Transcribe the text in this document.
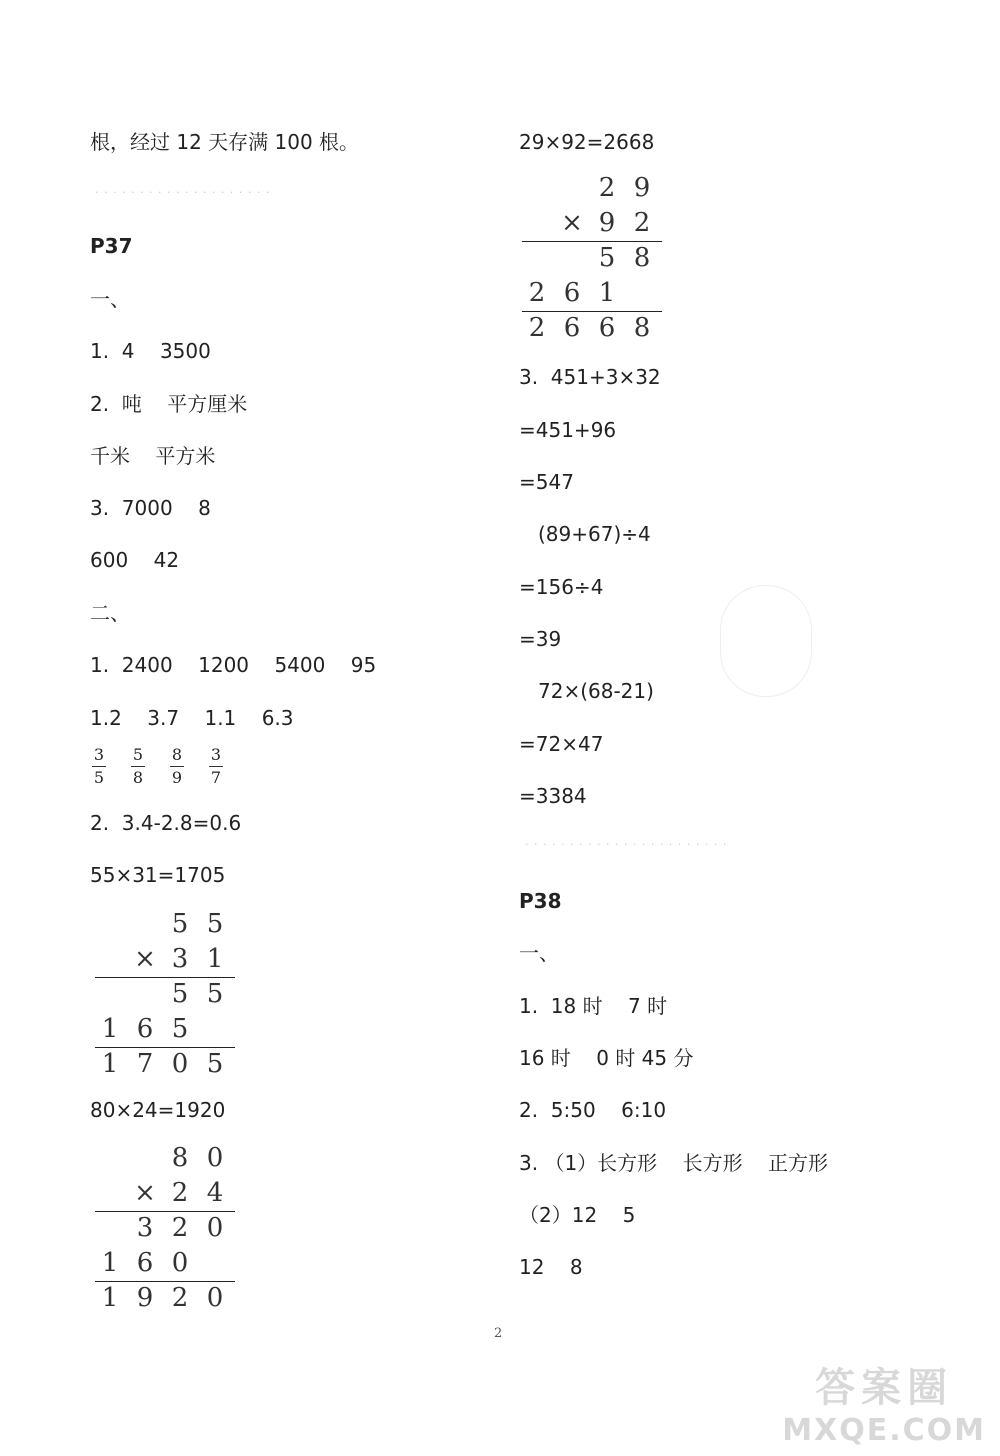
根，经过 12 天存满 100 根。
· · · · · · · · · · · · · · · · · · · ·
P37
一、
1.  4    3500
2.  吨    平方厘米
千米    平方米
3.  7000    8
600    42
二、
1.  2400    1200    5400    95
1.2    3.7    1.1    6.3
3
5
5
8
8
9
3
7
2.  3.4-2.8=0.6
55×31=1705
5 5
× 3 1
5 5
1 6 5
1 7 0 5
80×24=1920
8 0
× 2 4
3 2 0
1 6 0
1 9 2 0
29×92=2668
2 9
× 9 2
5 8
2 6 1
2 6 6 8
3.  451+3×32
=451+96
=547
(89+67)÷4
=156÷4
=39
72×(68-21)
=72×47
=3384
· · · · · · · · · · · · · · · · · · · · · · ·
P38
一、
1.  18 时    7 时
16 时    0 时 45 分
2.  5:50    6:10
3. （1）长方形    长方形    正方形
（2）12    5
12    8
2
答案圈
MXQE.COM
